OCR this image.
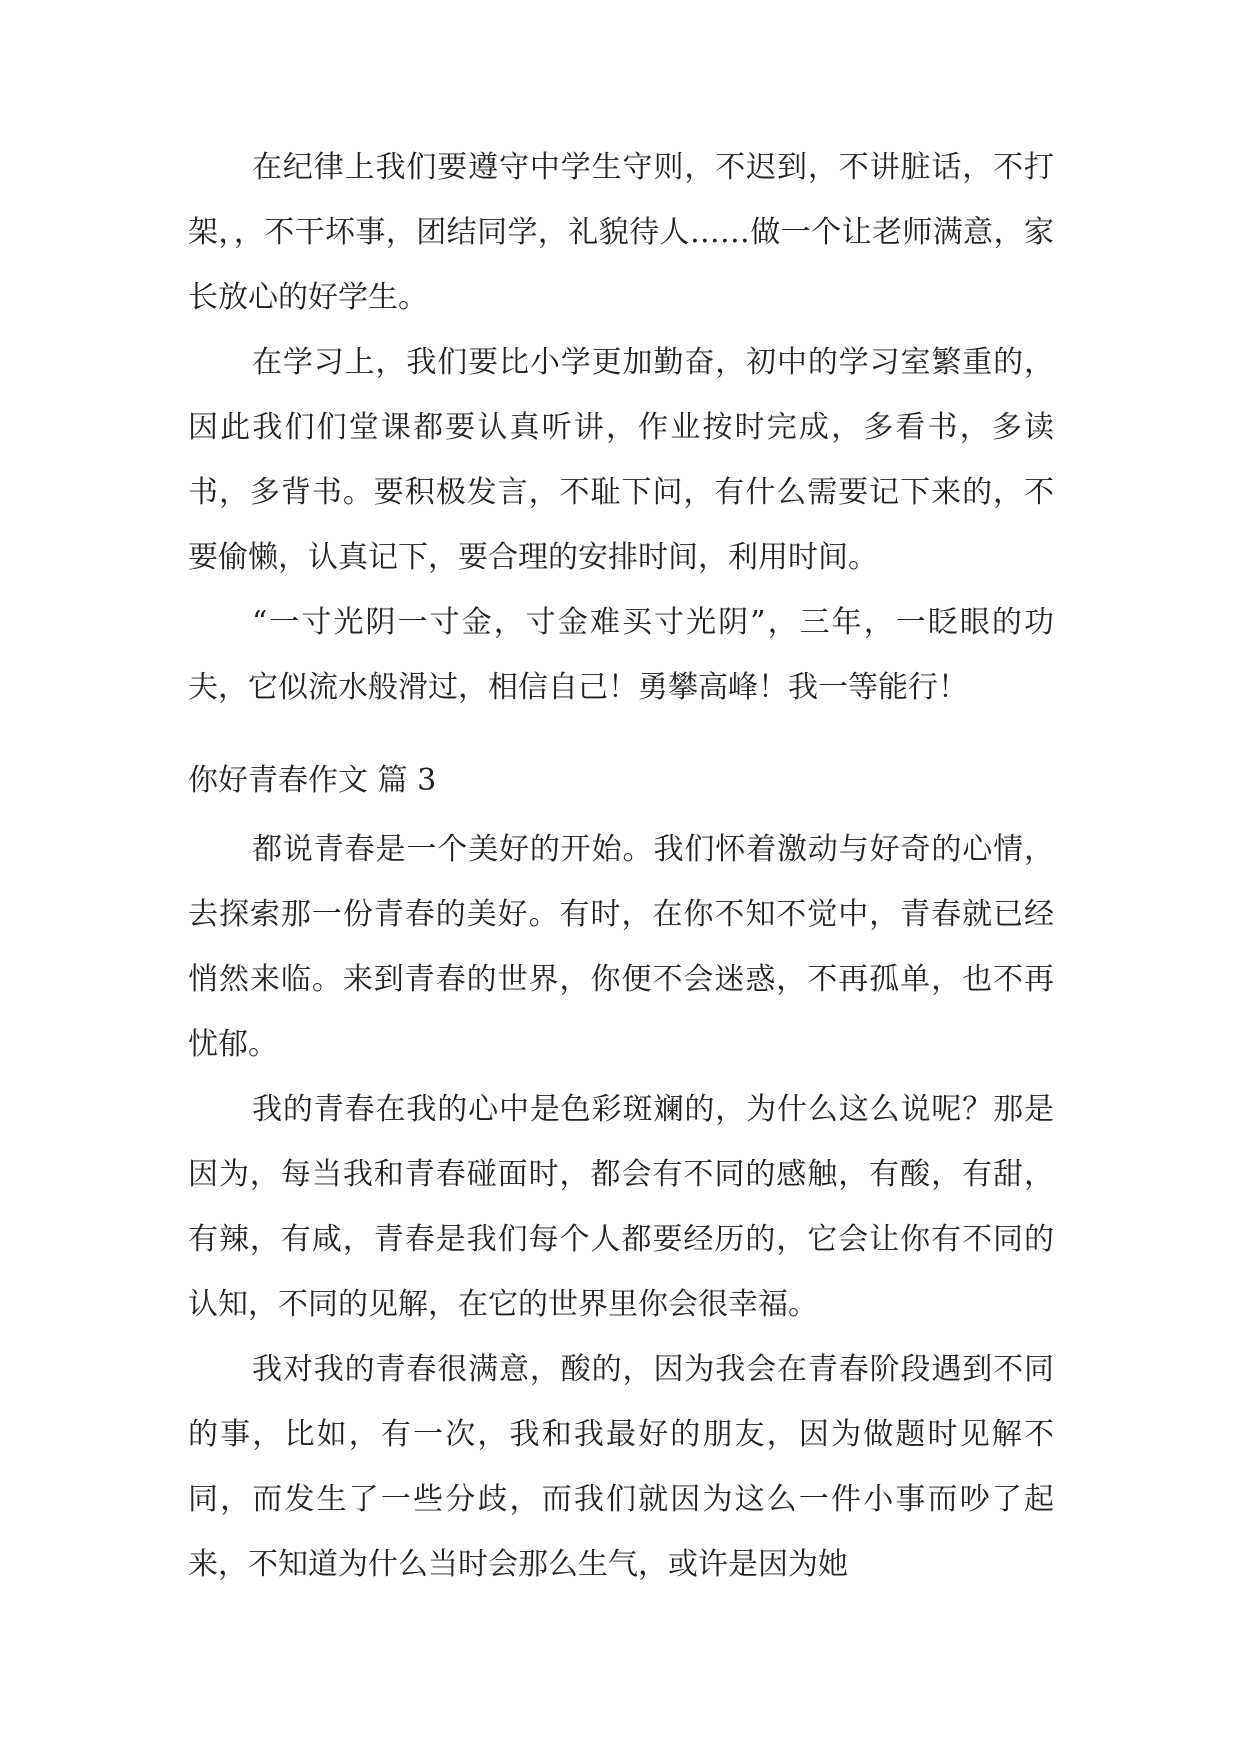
在纪律上我们要遵守中学生守则，不迟到，不讲脏话，不打架，，不干坏事，团结同学，礼貌待人……做一个让老师满意，家长放心的好学生。

在学习上，我们要比小学更加勤奋，初中的学习室繁重的，因此我们们堂课都要认真听讲，作业按时完成，多看书，多读书，多背书。要积极发言，不耻下问，有什么需要记下来的，不要偷懒，认真记下，要合理的安排时间，利用时间。

“一寸光阴一寸金，寸金难买寸光阴”，三年，一眨眼的功夫，它似流水般滑过，相信自己！勇攀高峰！我一等能行！

你好青春作文 篇 3

都说青春是一个美好的开始。我们怀着激动与好奇的心情，去探索那一份青春的美好。有时，在你不知不觉中，青春就已经悄然来临。来到青春的世界，你便不会迷惑，不再孤单，也不再忧郁。

我的青春在我的心中是色彩斑斓的，为什么这么说呢？那是因为，每当我和青春碰面时，都会有不同的感触，有酸，有甜，有辣，有咸，青春是我们每个人都要经历的，它会让你有不同的认知，不同的见解，在它的世界里你会很幸福。

我对我的青春很满意，酸的，因为我会在青春阶段遇到不同的事，比如，有一次，我和我最好的朋友，因为做题时见解不同，而发生了一些分歧，而我们就因为这么一件小事而吵了起来，不知道为什么当时会那么生气，或许是因为她
